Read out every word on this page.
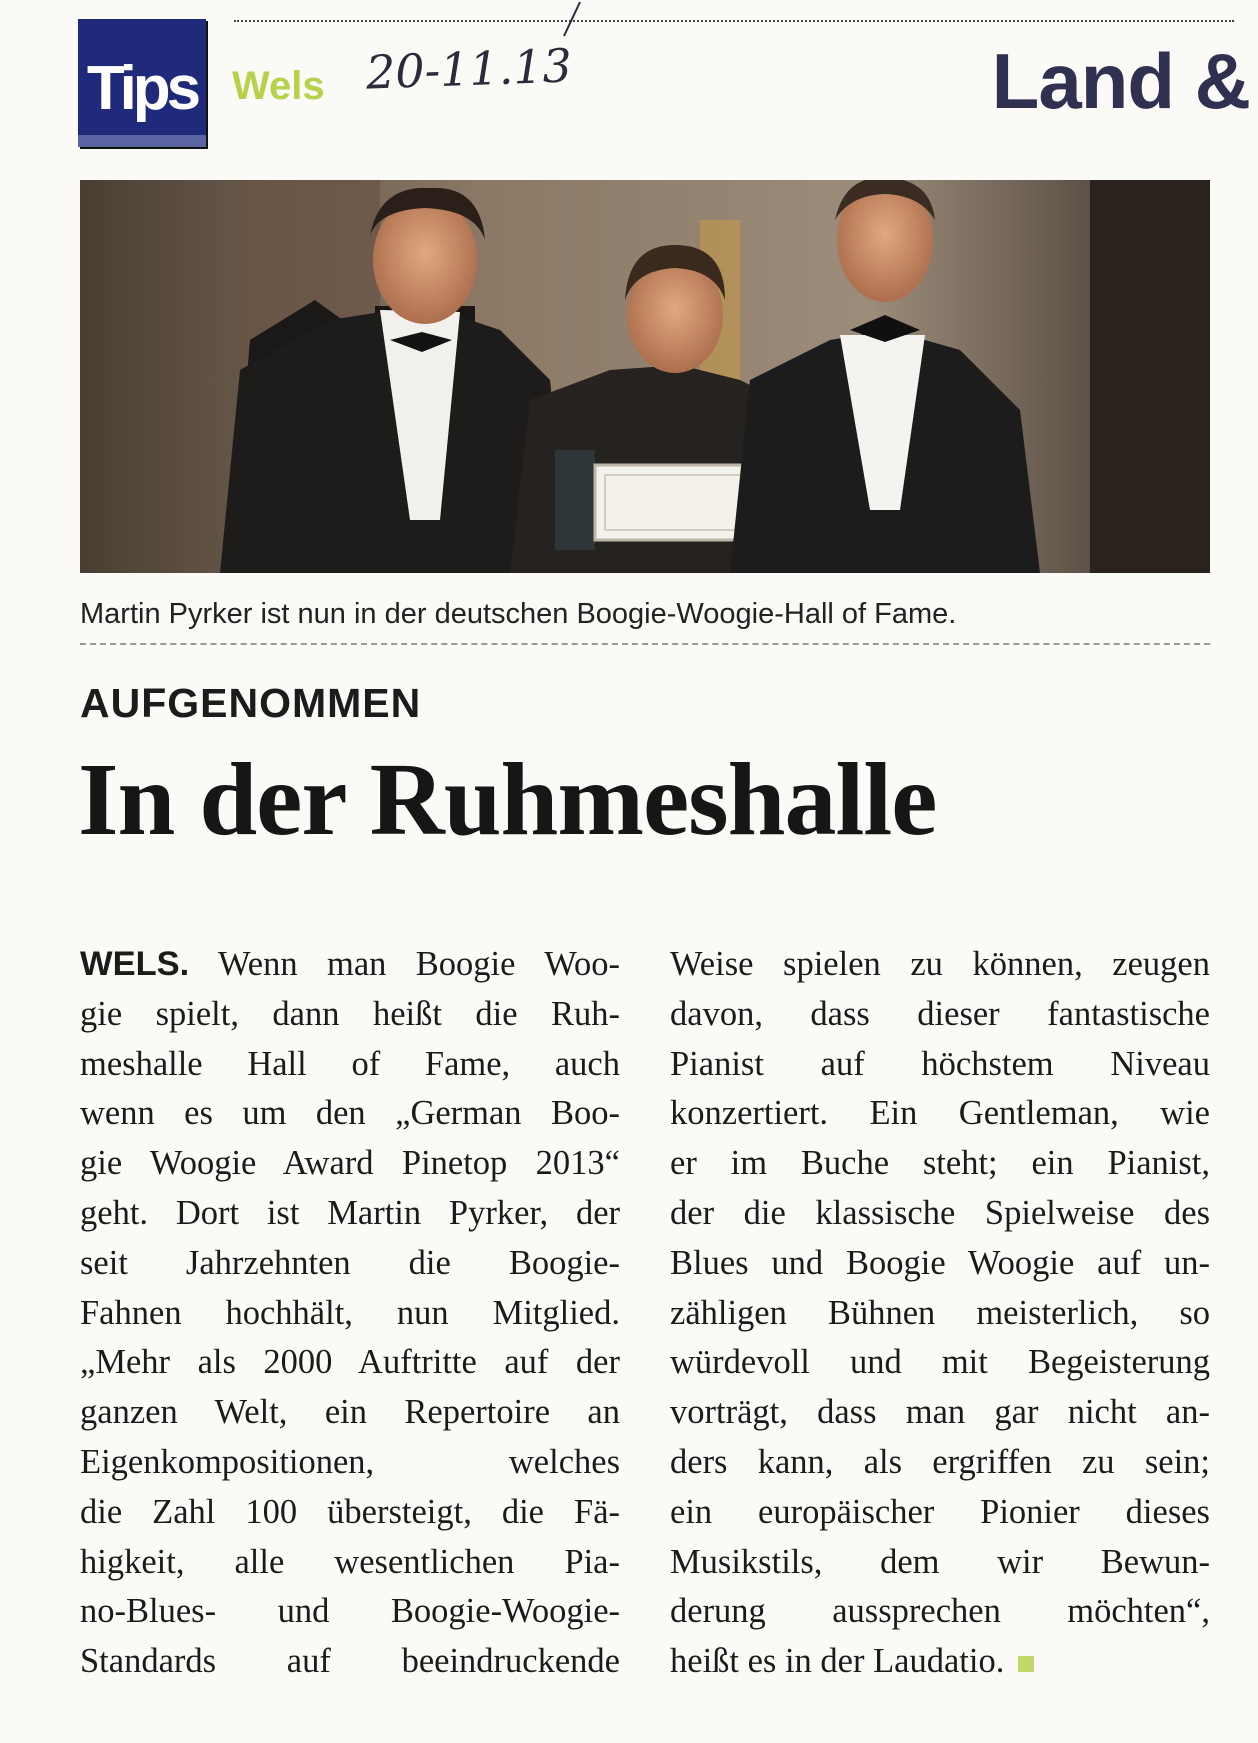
Tips Wels 20-11.13	Land &
Martin Pyrker ist nun in der deutschen Boogie-Woogie-Hall of Fame.
AUFGENOMMEN
In der Ruhmeshalle
WELS. Wenn man Boogie Woo-
gie spielt, dann heißt die Ruh-
meshalle Hall of Fame, auch
wenn es um den „German Boo-
gie Woogie Award Pinetop 2013“
geht. Dort ist Martin Pyrker, der
seit Jahrzehnten die Boogie-
Fahnen hochhält, nun Mitglied.
„Mehr als 2000 Auftritte auf der
ganzen Welt, ein Repertoire an
Eigenkompositionen, welches
die Zahl 100 übersteigt, die Fä-
higkeit, alle wesentlichen Pia-
no-Blues- und Boogie-Woogie-
Standards auf beeindruckende
Weise spielen zu können, zeugen
davon, dass dieser fantastische
Pianist auf höchstem Niveau
konzertiert. Ein Gentleman, wie
er im Buche steht; ein Pianist,
der die klassische Spielweise des
Blues und Boogie Woogie auf un-
zähligen Bühnen meisterlich, so
würdevoll und mit Begeisterung
vorträgt, dass man gar nicht an-
ders kann, als ergriffen zu sein;
ein europäischer Pionier dieses
Musikstils, dem wir Bewun-
derung aussprechen möchten“,
heißt es in der Laudatio.
